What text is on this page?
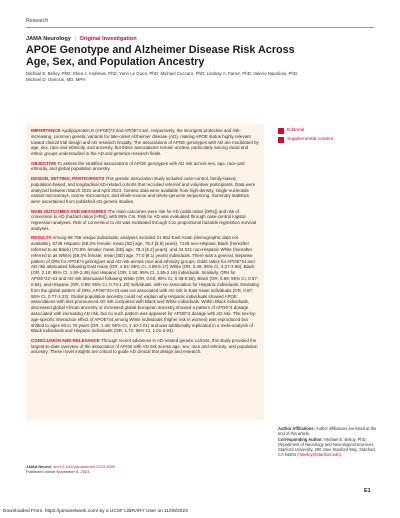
Research
JAMA Neurology | Original Investigation
APOE Genotype and Alzheimer Disease Risk Across Age, Sex, and Population Ancestry
Michael E. Belloy, PhD; Shea J. Andrews, PhD; Yann Le Guen, PhD; Michael Cuccaro, PhD; Lindsay A. Farrer, PhD; Valerio Napolioni, PhD; Michael D. Greicius, MD, MPH
Editorial
Supplemental content

IMPORTANCE Apolipoprotein E (APOE)*2 and APOE*4 are, respectively, the strongest protective and risk-increasing, common genetic variants for late-onset Alzheimer disease (AD), making APOE status highly relevant toward clinical trial design and AD research broadly. The associations of APOE genotypes with AD are modulated by age, sex, race and ethnicity, and ancestry, but these associations remain unclear, particularly among racial and ethnic groups understudied in the AD and genetics research fields.

OBJECTIVE To assess the stratified associations of APOE genotypes with AD risk across sex, age, race and ethnicity, and global population ancestry.

DESIGN, SETTING, PARTICIPANTS This genetic association study included case-control, family-based, population-based, and longitudinal AD-related cohorts that recruited referred and volunteer participants. Data were analyzed between March 2022 and April 2023. Genetic data were available from high-density, single-nucleotide variant microarrays, exome microarrays, and whole-exome and whole-genome sequencing. Summary statistics were ascertained from published AD genetic studies.

MAIN OUTCOMES AND MEASURES The main outcomes were risk for AD (odds ratios [ORs]) and risk of conversion to AD (hazard ratios [HRs]), with 95% CIs. Risk for AD was evaluated through case-control logistic regression analyses. Risk of conversion to AD was evaluated through Cox proportional hazards regression survival analyses.

RESULTS Among 68 756 unique individuals, analyses included 21 852 East Asian (demographic data not available), 5738 Hispanic (68.2% female; mean [SD] age, 75.4 [8.8] years), 7145 non-Hispanic Black (hereafter referred to as Black) (70.8% female; mean [SD] age, 78.4 [8.2] years), and 34 021 non-Hispanic White (hereafter referred to as White) (59.3% female; mean [SD] age, 77.0 [9.1] years) individuals. There was a general, stepwise pattern of ORs for APOE*4 genotypes and AD risk across race and ethnicity groups. Odds ratios for APOE*34 and AD risk attenuated following East Asian (OR, 4.54; 95% CI, 3.99-5.17) White (OR, 3.46; 95% CI, 3.27-3.65), Black (OR, 2.18; 95% CI, 1.90-2.49) and Hispanic (OR, 1.90; 95% CI, 1.65-2.18) individuals. Similarly, ORs for APOE*22+23 and AD risk attenuated following White (OR, 0.53; 95% CI, 0.48-0.58), Black (OR, 0.69; 95% CI, 0.57-0.84), and Hispanic (OR, 0.89; 95% CI, 0.72-1.10) individuals, with no association for Hispanic individuals. Deviating from the global pattern of ORs, APOE*22+23 was not associated with AD risk in East Asian individuals (OR, 0.97; 95% CI, 0.77-1.23). Global population ancestry could not explain why Hispanic individuals showed APOE associations with less pronounced AD risk compared with Black and White individuals. Within Black individuals, decreased global African ancestry or increased global European ancestry showed a pattern of APOE*4 dosage associated with increasing AD risk, but no such pattern was apparent for APOE*2 dosage with AD risk. The sex-by-age-specific interaction effect of APOE*34 among White individuals (higher risk in women) was reproduced but shifted to ages 60 to 70 years (OR, 1.48; 95% CI, 1.10-2.01) and was additionally replicated in a meta-analysis of Black individuals and Hispanic individuals (OR, 1.72; 95% CI, 1.01-2.94).

CONCLUSION AND RELEVANCE Through recent advances in AD-related genetic cohorts, this study provided the largest-to-date overview of the association of APOE with AD risk across age, sex, race and ethnicity, and population ancestry. These novel insights are critical to guide AD clinical trial design and research.

JAMA Neurol. doi:10.1001/jamaneurol.2023.3599
Published online November 6, 2023.
Author Affiliations: Author affiliations are listed at the end of this article.
Corresponding Author: Michael E. Belloy, PhD, Department of Neurology and Neurological Sciences, Stanford University, 290 Jane Stanford Way, Stanford, CA 94304 (mbelloy@stanford.edu).
E1
Downloaded From: https://jamanetwork.com/ by a UCSF LIBRARY User on 11/08/2023
